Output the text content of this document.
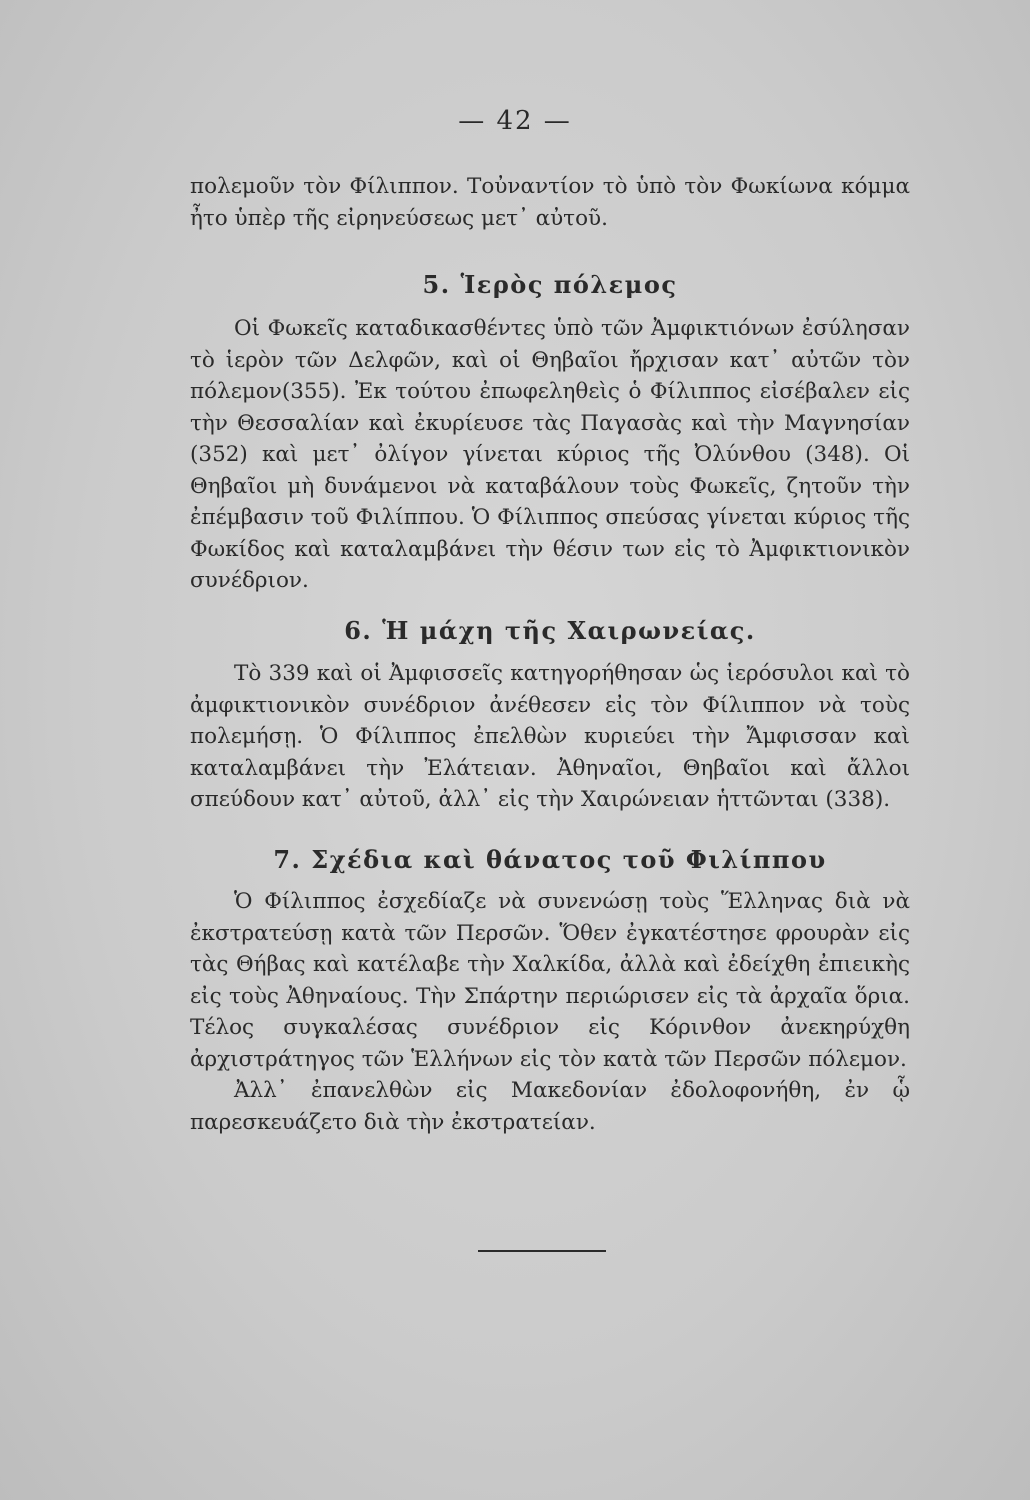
— 42 —

πολεμοῦν τὸν Φίλιππον. Τοὐναντίον τὸ ὑπὸ τὸν Φωκίωνα κόμμα ἦτο ὑπὲρ τῆς εἰρηνεύσεως μετ᾽ αὐτοῦ.

5. Ἱερὸς πόλεμος

Οἱ Φωκεῖς καταδικασθέντες ὑπὸ τῶν Ἀμφικτιόνων ἐσύλησαν τὸ ἱερὸν τῶν Δελφῶν, καὶ οἱ Θηβαῖοι ἤρχισαν κατ᾽ αὐτῶν τὸν πόλεμον(355). Ἐκ τούτου ἐπωφεληθεὶς ὁ Φίλιππος εἰσέβαλεν εἰς τὴν Θεσσαλίαν καὶ ἐκυρίευσε τὰς Παγασὰς καὶ τὴν Μαγνησίαν (352) καὶ μετ᾽ ὀλίγον γίνεται κύριος τῆς Ὀλύνθου (348). Οἱ Θηβαῖοι μὴ δυνάμενοι νὰ καταβάλουν τοὺς Φωκεῖς, ζητοῦν τὴν ἐπέμβασιν τοῦ Φιλίππου. Ὁ Φίλιππος σπεύσας γίνεται κύριος τῆς Φωκίδος καὶ καταλαμβάνει τὴν θέσιν των εἰς τὸ Ἀμφικτιονικὸν συνέδριον.

6. Ἡ μάχη τῆς Χαιρωνείας.

Τὸ 339 καὶ οἱ Ἀμφισσεῖς κατηγορήθησαν ὡς ἱερόσυλοι καὶ τὸ ἀμφικτιονικὸν συνέδριον ἀνέθεσεν εἰς τὸν Φίλιππον νὰ τοὺς πολεμήσῃ. Ὁ Φίλιππος ἐπελθὼν κυριεύει τὴν Ἄμφισσαν καὶ καταλαμβάνει τὴν Ἐλάτειαν. Ἀθηναῖοι, Θηβαῖοι καὶ ἄλλοι σπεύδουν κατ᾽ αὐτοῦ, ἀλλ᾽ εἰς τὴν Χαιρώνειαν ἡττῶνται (338).

7. Σχέδια καὶ θάνατος τοῦ Φιλίππου

Ὁ Φίλιππος ἐσχεδίαζε νὰ συνενώσῃ τοὺς Ἕλληνας διὰ νὰ ἐκστρατεύσῃ κατὰ τῶν Περσῶν. Ὅθεν ἐγκατέστησε φρουρὰν εἰς τὰς Θήβας καὶ κατέλαβε τὴν Χαλκίδα, ἀλλὰ καὶ ἐδείχθη ἐπιεικὴς εἰς τοὺς Ἀθηναίους. Τὴν Σπάρτην περιώρισεν εἰς τὰ ἀρχαῖα ὅρια. Τέλος συγκαλέσας συνέδριον εἰς Κόρινθον ἀνεκηρύχθη ἀρχιστράτηγος τῶν Ἑλλήνων εἰς τὸν κατὰ τῶν Περσῶν πόλεμον.

Ἀλλ᾽ ἐπανελθὼν εἰς Μακεδονίαν ἐδολοφονήθη, ἐν ᾧ παρεσκευάζετο διὰ τὴν ἐκστρατείαν.
